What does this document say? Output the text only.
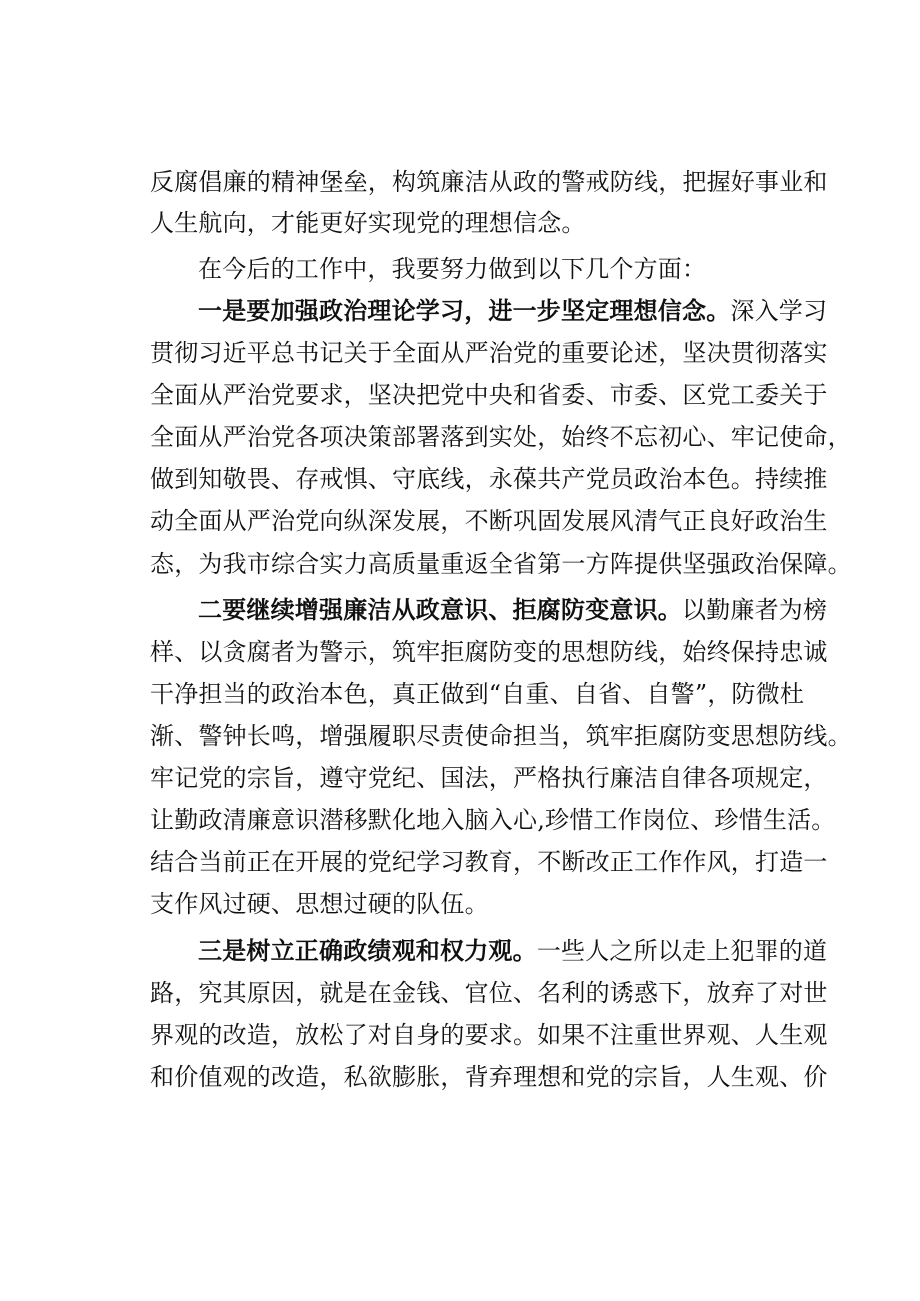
反腐倡廉的精神堡垒，构筑廉洁从政的警戒防线，把握好事业和
人生航向，才能更好实现党的理想信念。
在今后的工作中，我要努力做到以下几个方面：
一是要加强政治理论学习，进一步坚定理想信念。深入学习
贯彻习近平总书记关于全面从严治党的重要论述，坚决贯彻落实
全面从严治党要求，坚决把党中央和省委、市委、区党工委关于
全面从严治党各项决策部署落到实处，始终不忘初心、牢记使命，
做到知敬畏、存戒惧、守底线，永葆共产党员政治本色。持续推
动全面从严治党向纵深发展，不断巩固发展风清气正良好政治生
态，为我市综合实力高质量重返全省第一方阵提供坚强政治保障。
二要继续增强廉洁从政意识、拒腐防变意识。以勤廉者为榜
样、以贪腐者为警示，筑牢拒腐防变的思想防线，始终保持忠诚
干净担当的政治本色，真正做到“自重、自省、自警”，防微杜
渐、警钟长鸣，增强履职尽责使命担当，筑牢拒腐防变思想防线。
牢记党的宗旨，遵守党纪、国法，严格执行廉洁自律各项规定，
让勤政清廉意识潜移默化地入脑入心,珍惜工作岗位、珍惜生活。
结合当前正在开展的党纪学习教育，不断改正工作作风，打造一
支作风过硬、思想过硬的队伍。
三是树立正确政绩观和权力观。一些人之所以走上犯罪的道
路，究其原因，就是在金钱、官位、名利的诱惑下，放弃了对世
界观的改造，放松了对自身的要求。如果不注重世界观、人生观
和价值观的改造，私欲膨胀，背弃理想和党的宗旨，人生观、价
